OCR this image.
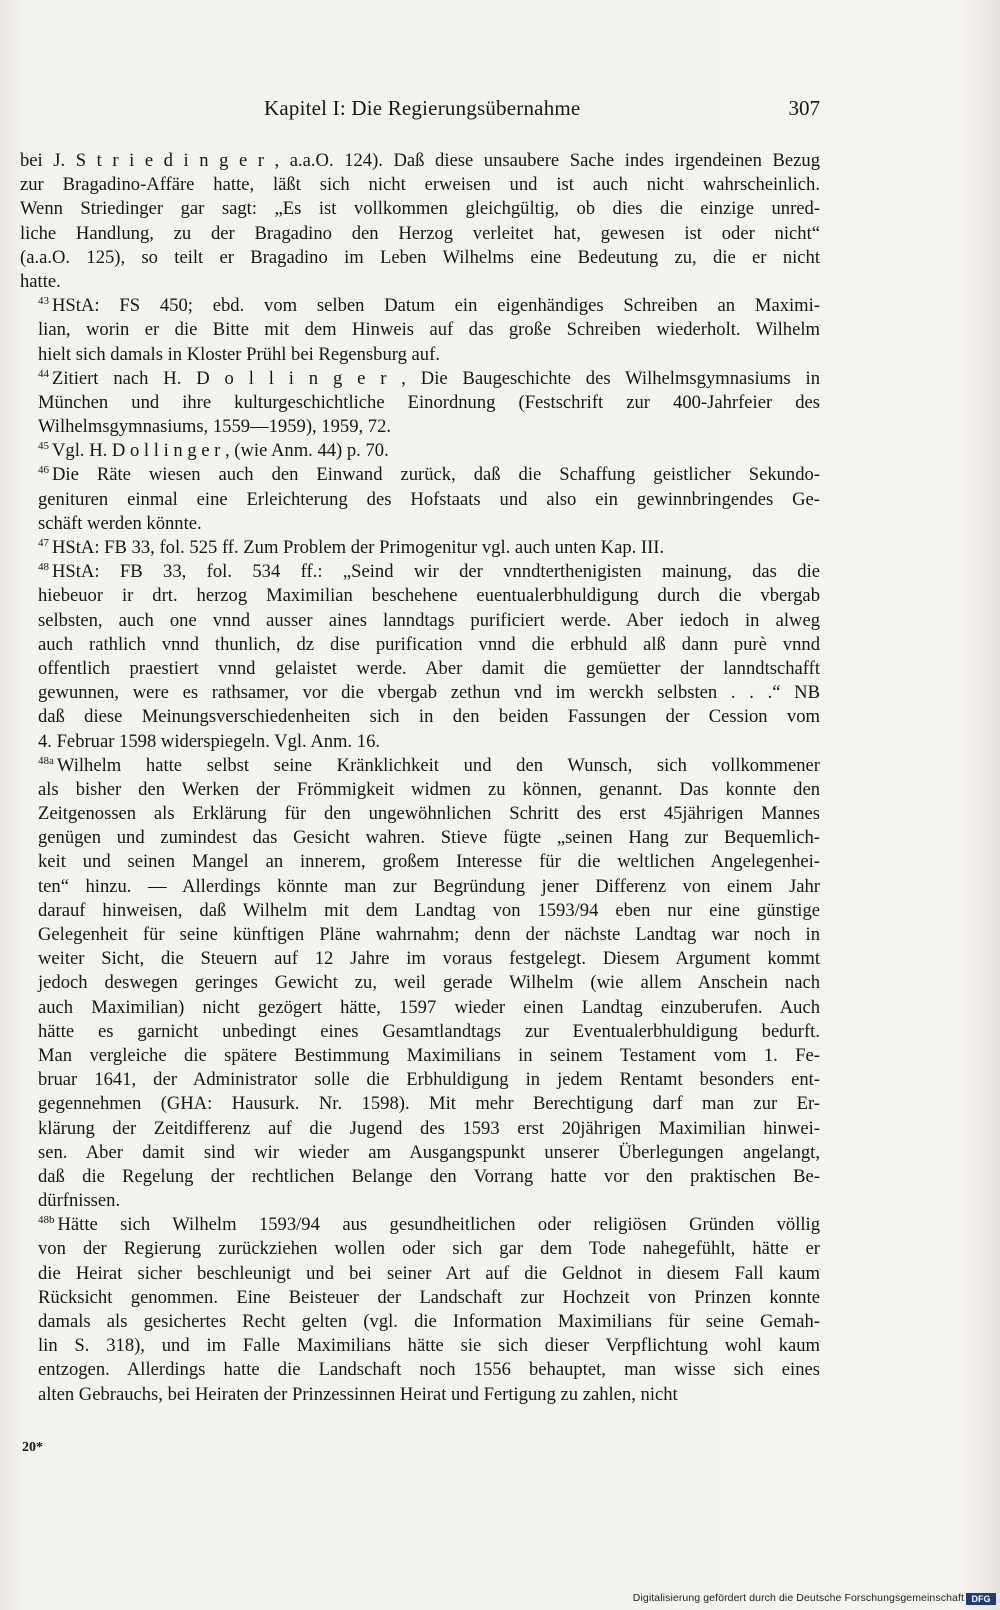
Kapitel I: Die Regierungsübernahme	307
bei J. S t r i e d i n g e r , a.a.O. 124). Daß diese unsaubere Sache indes irgendeinen Bezug
zur Bragadino-Affäre hatte, läßt sich nicht erweisen und ist auch nicht wahrscheinlich.
Wenn Striedinger gar sagt: „Es ist vollkommen gleichgültig, ob dies die einzige unred-
liche Handlung, zu der Bragadino den Herzog verleitet hat, gewesen ist oder nicht“
(a.a.O. 125), so teilt er Bragadino im Leben Wilhelms eine Bedeutung zu, die er nicht
hatte.
$^{43}$ HStA: FS 450; ebd. vom selben Datum ein eigenhändiges Schreiben an Maximi-
lian, worin er die Bitte mit dem Hinweis auf das große Schreiben wiederholt. Wilhelm
hielt sich damals in Kloster Prühl bei Regensburg auf.
$^{44}$ Zitiert nach H. D o l l i n g e r , Die Baugeschichte des Wilhelmsgymnasiums in
München und ihre kulturgeschichtliche Einordnung (Festschrift zur 400-Jahrfeier des
Wilhelmsgymnasiums, 1559—1959), 1959, 72.
$^{45}$ Vgl. H. D o l l i n g e r , (wie Anm. 44) p. 70.
$^{46}$ Die Räte wiesen auch den Einwand zurück, daß die Schaffung geistlicher Sekundo-
genituren einmal eine Erleichterung des Hofstaats und also ein gewinnbringendes Ge-
schäft werden könnte.
$^{47}$ HStA: FB 33, fol. 525 ff. Zum Problem der Primogenitur vgl. auch unten Kap. III.
$^{48}$ HStA: FB 33, fol. 534 ff.: „Seind wir der vnndterthenigisten mainung, das die
hiebeuor ir drt. herzog Maximilian beschehene euentualerbhuldigung durch die vbergab
selbsten, auch one vnnd ausser aines lanndtags purificiert werde. Aber iedoch in alweg
auch rathlich vnnd thunlich, dz dise purification vnnd die erbhuld alß dann purè vnnd
offentlich praestiert vnnd gelaistet werde. Aber damit die gemüetter der lanndtschafft
gewunnen, were es rathsamer, vor die vbergab zethun vnd im werckh selbsten . . .“ NB
daß diese Meinungsverschiedenheiten sich in den beiden Fassungen der Cession vom
4. Februar 1598 widerspiegeln. Vgl. Anm. 16.
$^{48a}$ Wilhelm hatte selbst seine Kränklichkeit und den Wunsch, sich vollkommener
als bisher den Werken der Frömmigkeit widmen zu können, genannt. Das konnte den
Zeitgenossen als Erklärung für den ungewöhnlichen Schritt des erst 45jährigen Mannes
genügen und zumindest das Gesicht wahren. Stieve fügte „seinen Hang zur Bequemlich-
keit und seinen Mangel an innerem, großem Interesse für die weltlichen Angelegenhei-
ten“ hinzu. — Allerdings könnte man zur Begründung jener Differenz von einem Jahr
darauf hinweisen, daß Wilhelm mit dem Landtag von 1593/94 eben nur eine günstige
Gelegenheit für seine künftigen Pläne wahrnahm; denn der nächste Landtag war noch in
weiter Sicht, die Steuern auf 12 Jahre im voraus festgelegt. Diesem Argument kommt
jedoch deswegen geringes Gewicht zu, weil gerade Wilhelm (wie allem Anschein nach
auch Maximilian) nicht gezögert hätte, 1597 wieder einen Landtag einzuberufen. Auch
hätte es garnicht unbedingt eines Gesamtlandtags zur Eventualerbhuldigung bedurft.
Man vergleiche die spätere Bestimmung Maximilians in seinem Testament vom 1. Fe-
bruar 1641, der Administrator solle die Erbhuldigung in jedem Rentamt besonders ent-
gegennehmen (GHA: Hausurk. Nr. 1598). Mit mehr Berechtigung darf man zur Er-
klärung der Zeitdifferenz auf die Jugend des 1593 erst 20jährigen Maximilian hinwei-
sen. Aber damit sind wir wieder am Ausgangspunkt unserer Überlegungen angelangt,
daß die Regelung der rechtlichen Belange den Vorrang hatte vor den praktischen Be-
dürfnissen.
$^{48b}$ Hätte sich Wilhelm 1593/94 aus gesundheitlichen oder religiösen Gründen völlig
von der Regierung zurückziehen wollen oder sich gar dem Tode nahegefühlt, hätte er
die Heirat sicher beschleunigt und bei seiner Art auf die Geldnot in diesem Fall kaum
Rücksicht genommen. Eine Beisteuer der Landschaft zur Hochzeit von Prinzen konnte
damals als gesichertes Recht gelten (vgl. die Information Maximilians für seine Gemah-
lin S. 318), und im Falle Maximilians hätte sie sich dieser Verpflichtung wohl kaum
entzogen. Allerdings hatte die Landschaft noch 1556 behauptet, man wisse sich eines
alten Gebrauchs, bei Heiraten der Prinzessinnen Heirat und Fertigung zu zahlen, nicht
20*
Digitalisierung gefördert durch die Deutsche Forschungsgemeinschaft DFG
